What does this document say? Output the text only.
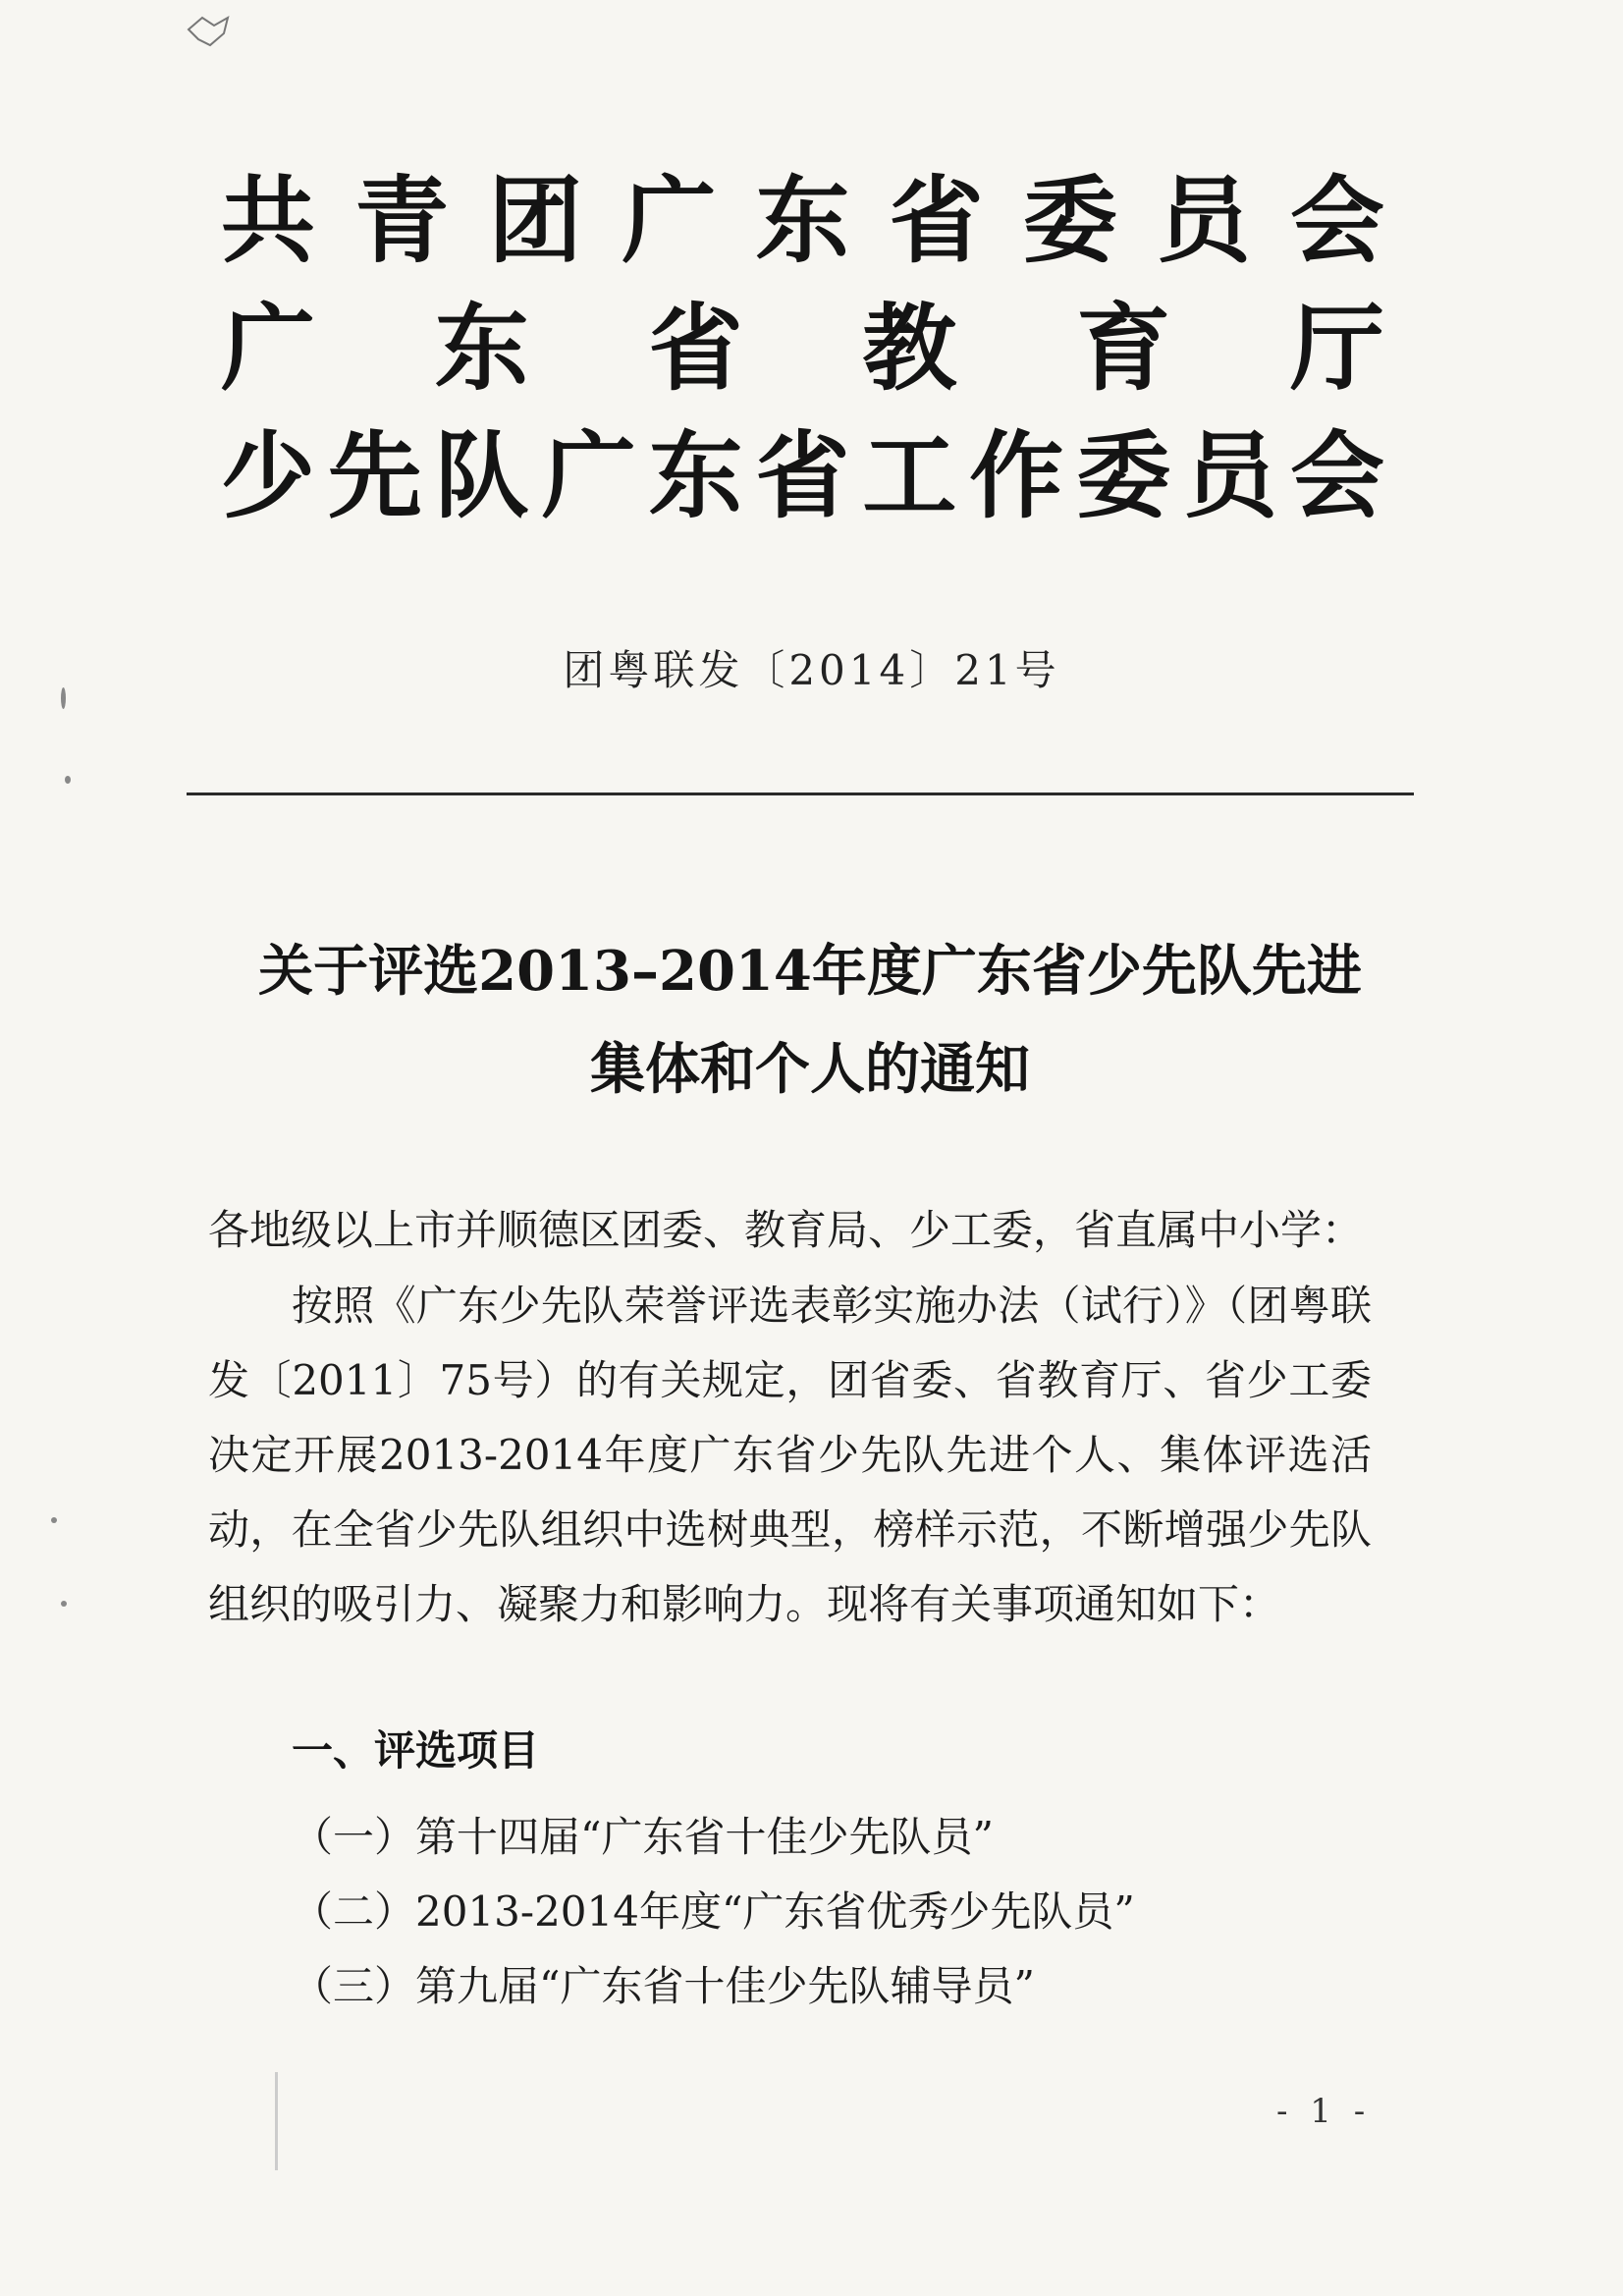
共青团广东省委员会
广东省教育厅
少先队广东省工作委员会
团粤联发〔2014〕21号
关于评选2013–2014年度广东省少先队先进
集体和个人的通知
各地级以上市并顺德区团委、教育局、少工委，省直属中小学：
按照《广东少先队荣誉评选表彰实施办法（试行）》（团粤联发〔2011〕75号）的有关规定，团省委、省教育厅、省少工委决定开展2013-2014年度广东省少先队先进个人、集体评选活动，在全省少先队组织中选树典型，榜样示范，不断增强少先队组织的吸引力、凝聚力和影响力。现将有关事项通知如下：
一、评选项目
（一）第十四届“广东省十佳少先队员”
（二）2013-2014年度“广东省优秀少先队员”
（三）第九届“广东省十佳少先队辅导员”
- 1 -
